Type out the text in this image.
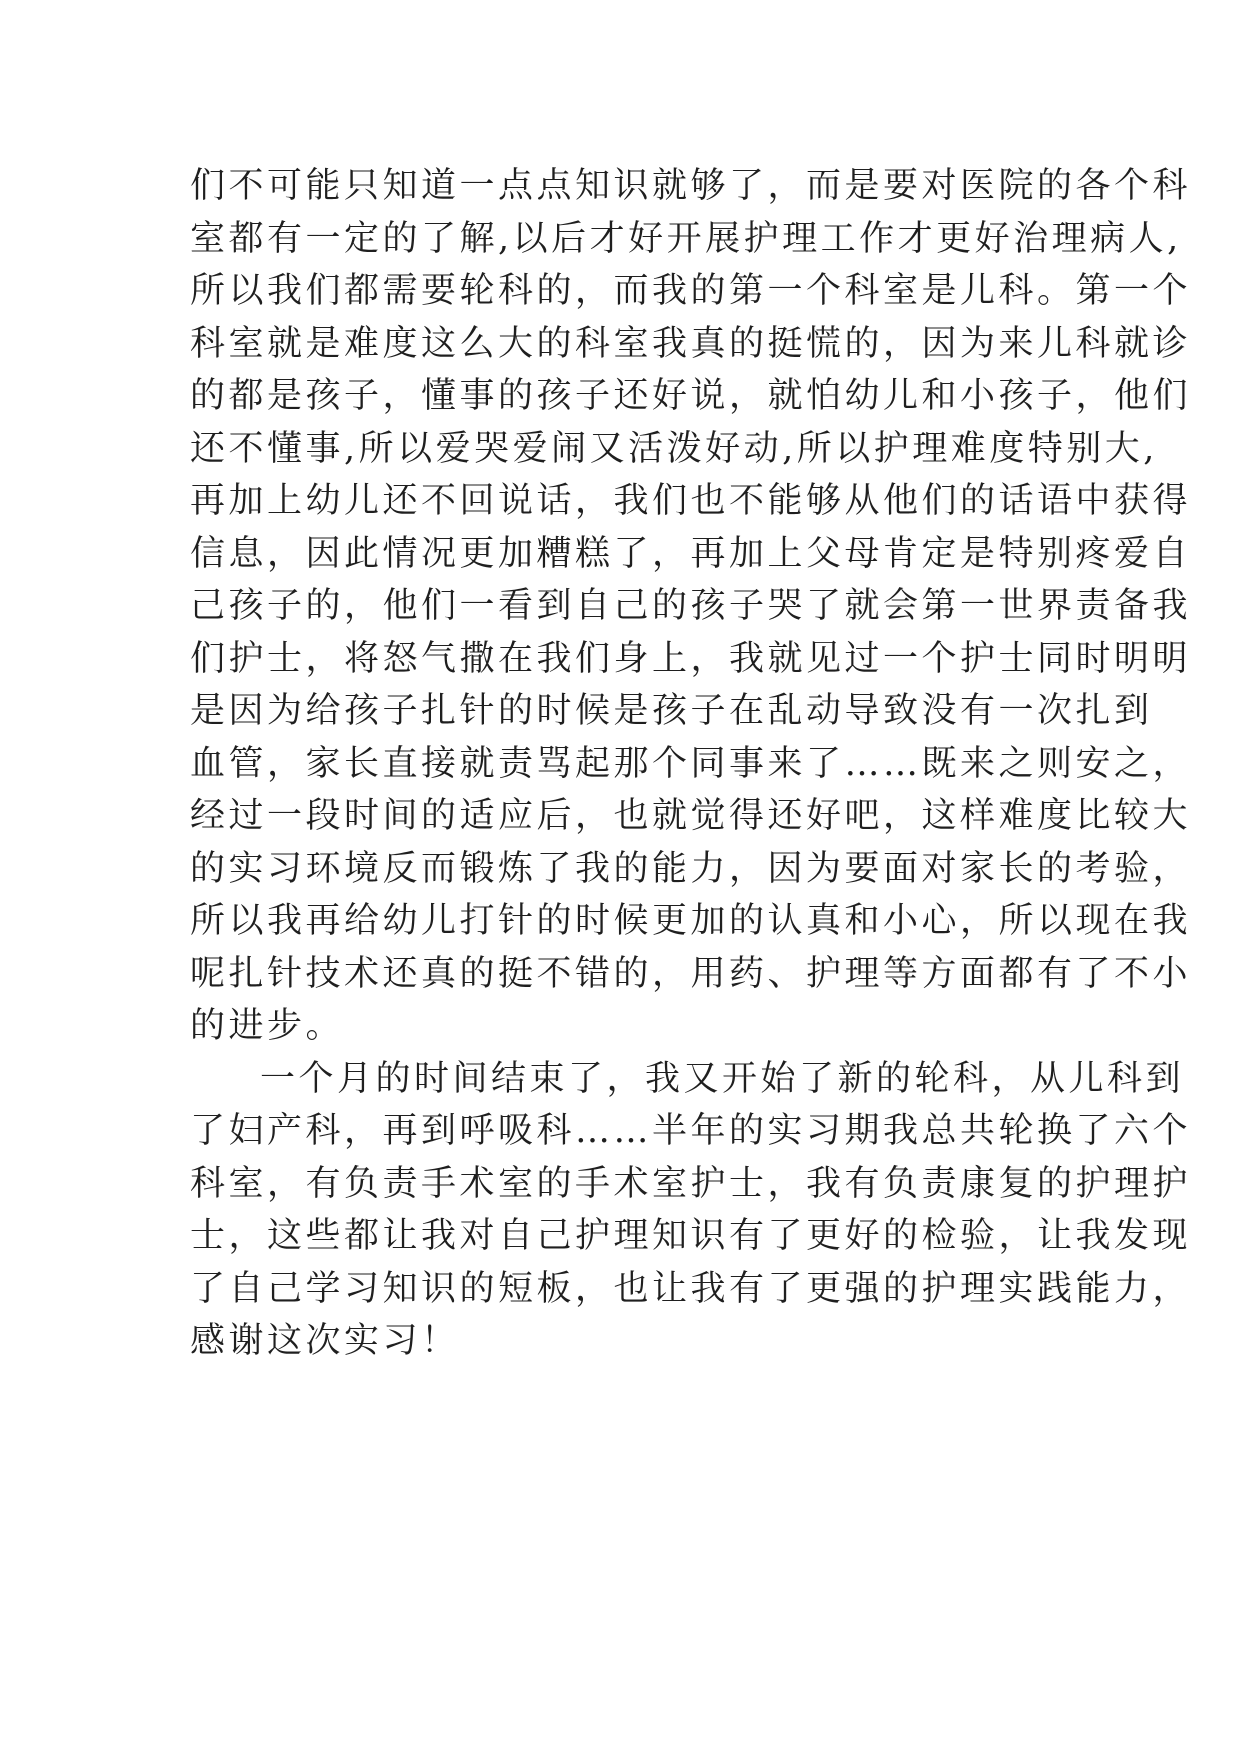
们不可能只知道一点点知识就够了，而是要对医院的各个科
室都有一定的了解,以后才好开展护理工作才更好治理病人,
所以我们都需要轮科的，而我的第一个科室是儿科。第一个
科室就是难度这么大的科室我真的挺慌的，因为来儿科就诊
的都是孩子，懂事的孩子还好说，就怕幼儿和小孩子，他们
还不懂事,所以爱哭爱闹又活泼好动,所以护理难度特别大,
再加上幼儿还不回说话，我们也不能够从他们的话语中获得
信息，因此情况更加糟糕了，再加上父母肯定是特别疼爱自
己孩子的，他们一看到自己的孩子哭了就会第一世界责备我
们护士，将怒气撒在我们身上，我就见过一个护士同时明明
是因为给孩子扎针的时候是孩子在乱动导致没有一次扎到
血管，家长直接就责骂起那个同事来了……既来之则安之，
经过一段时间的适应后，也就觉得还好吧，这样难度比较大
的实习环境反而锻炼了我的能力，因为要面对家长的考验，
所以我再给幼儿打针的时候更加的认真和小心，所以现在我
呢扎针技术还真的挺不错的，用药、护理等方面都有了不小
的进步。
一个月的时间结束了，我又开始了新的轮科，从儿科到
了妇产科，再到呼吸科……半年的实习期我总共轮换了六个
科室，有负责手术室的手术室护士，我有负责康复的护理护
士，这些都让我对自己护理知识有了更好的检验，让我发现
了自己学习知识的短板，也让我有了更强的护理实践能力，
感谢这次实习！
